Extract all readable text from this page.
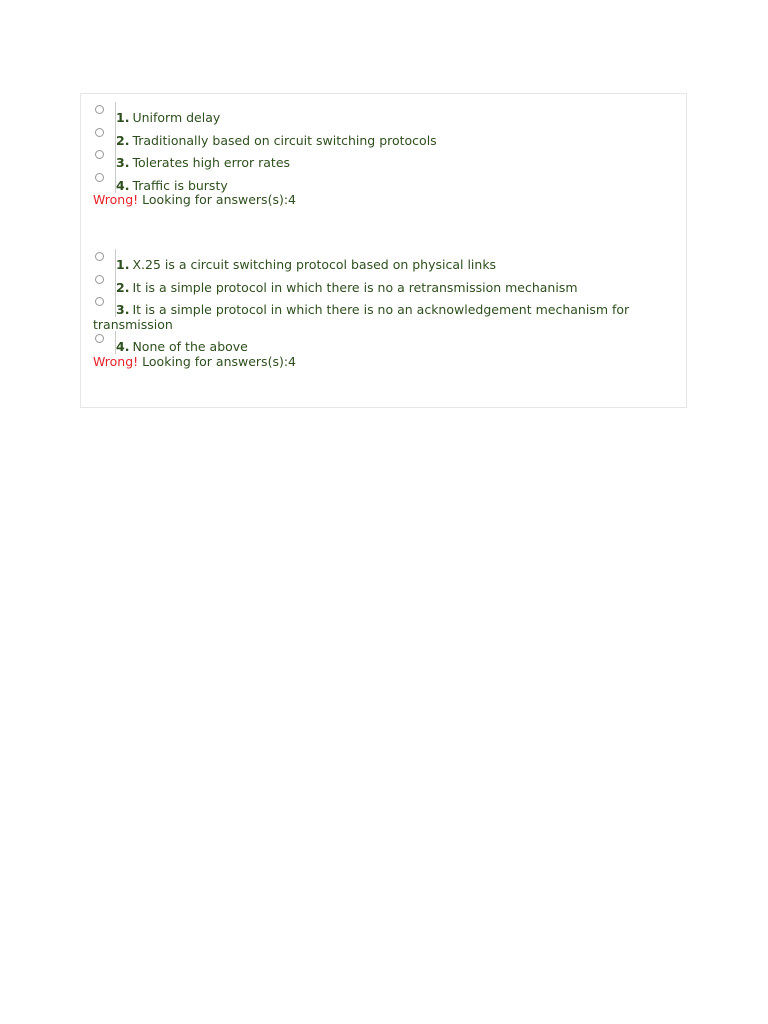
1. Uniform delay
2. Traditionally based on circuit switching protocols
3. Tolerates high error rates
4. Traffic is bursty
Wrong! Looking for answers(s):4
1. X.25 is a circuit switching protocol based on physical links
2. It is a simple protocol in which there is no a retransmission mechanism
3. It is a simple protocol in which there is no an acknowledgement mechanism for transmission
4. None of the above
Wrong! Looking for answers(s):4
